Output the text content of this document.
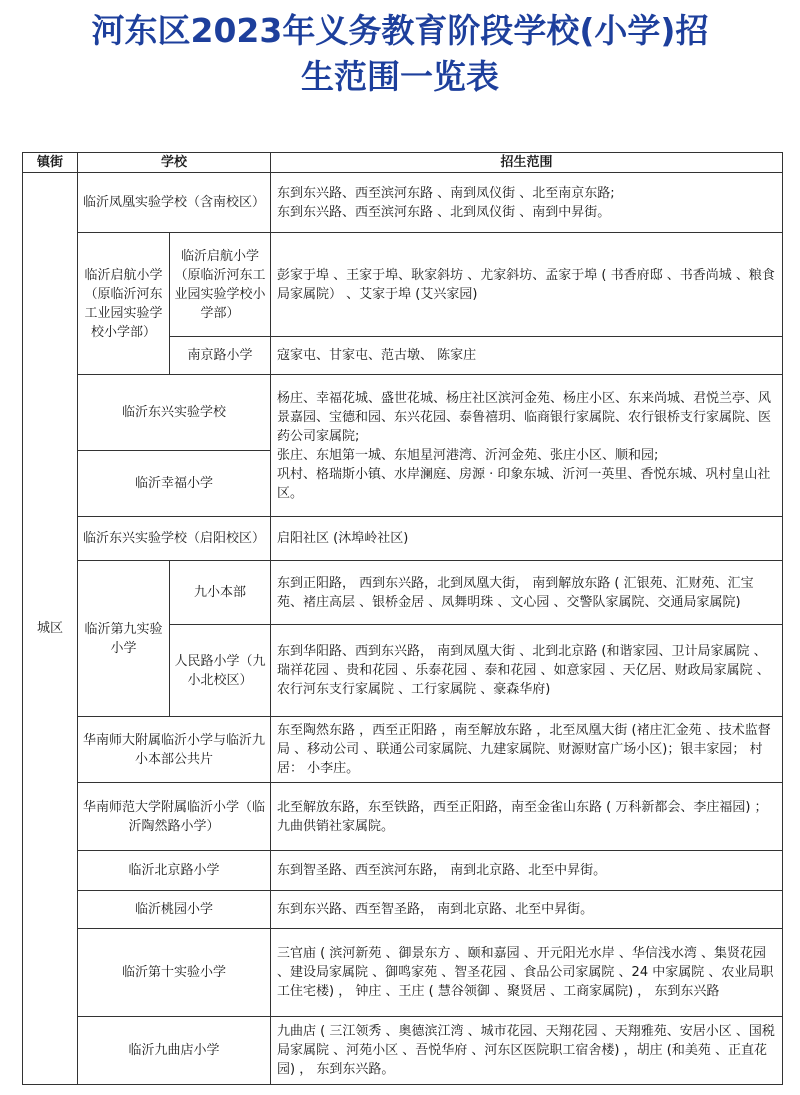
河东区2023年义务教育阶段学校(小学)招
生范围一览表
镇街	学校		招生范围
城区	临沂凤凰实验学校（含南校区）		东到东兴路、西至滨河东路 、南到凤仪街 、北至南京东路;
东到东兴路、西至滨河东路 、北到凤仪街 、南到中昇街。
	临沂启航小学（原临沂河东工业园实验学校小学部）	临沂启航小学（原临沂河东工业园实验学校小学部）	彭家于埠 、王家于埠、耿家斜坊 、尤家斜坊、孟家于埠 ( 书香府邸 、书香尚城 、粮食局家属院） 、艾家于埠 (艾兴家园)
		南京路小学	寇家屯、甘家屯、范古墩、 陈家庄
	临沂东兴实验学校		杨庄、幸福花城、盛世花城、杨庄社区滨河金苑、杨庄小区、东来尚城、君悦兰亭、风景嘉园、宝德和园、东兴花园、泰鲁禧玥、临商银行家属院、农行银桥支行家属院、医药公司家属院;
张庄、东旭第一城、东旭星河港湾、沂河金苑、张庄小区、顺和园;
巩村、格瑞斯小镇、水岸澜庭、房源 · 印象东城、沂河一英里、香悦东城、巩村皇山社区。
	临沂幸福小学		
	临沂东兴实验学校（启阳校区）		启阳社区 (沐埠岭社区)
	临沂第九实验小学	九小本部	东到正阳路， 西到东兴路，北到凤凰大街， 南到解放东路 ( 汇银苑、汇财苑、汇宝苑、褚庄高层 、银桥金居 、凤舞明珠 、文心园 、交警队家属院、交通局家属院)
		人民路小学（九小北校区）	东到华阳路、西到东兴路， 南到凤凰大街 、北到北京路 (和谐家园、卫计局家属院 、瑞祥花园 、贵和花园 、乐泰花园 、泰和花园 、如意家园 、天亿居、财政局家属院 、农行河东支行家属院 、工行家属院 、豪森华府)
	华南师大附属临沂小学与临沂九小本部公共片		东至陶然东路 ，西至正阳路 ，南至解放东路 ，北至凤凰大街 (褚庄汇金苑 、技术监督局 、移动公司 、联通公司家属院、九建家属院、财源财富广场小区)；银丰家园； 村居： 小李庄。
	华南师范大学附属临沂小学（临沂陶然路小学）		北至解放东路，东至铁路，西至正阳路，南至金雀山东路 ( 万科新都会、李庄福园) ； 九曲供销社家属院。
	临沂北京路小学		东到智圣路、西至滨河东路， 南到北京路、北至中昇街。
	临沂桃园小学		东到东兴路、西至智圣路， 南到北京路、北至中昇街。
	临沂第十实验小学		三官庙 ( 滨河新苑 、御景东方 、颐和嘉园 、开元阳光水岸 、华信浅水湾 、集贤花园 、建设局家属院 、御鸣家苑 、智圣花园 、食品公司家属院 、24 中家属院 、农业局职工住宅楼) ， 钟庄 、王庄 ( 慧谷领御 、聚贤居 、工商家属院) ， 东到东兴路
	临沂九曲店小学		九曲店 ( 三江领秀 、奥德滨江湾 、城市花园、天翔花园 、天翔雅苑、安居小区 、国税局家属院 、河苑小区 、吾悦华府 、河东区医院职工宿舍楼) ，胡庄 (和美苑 、正直花园) ， 东到东兴路。
